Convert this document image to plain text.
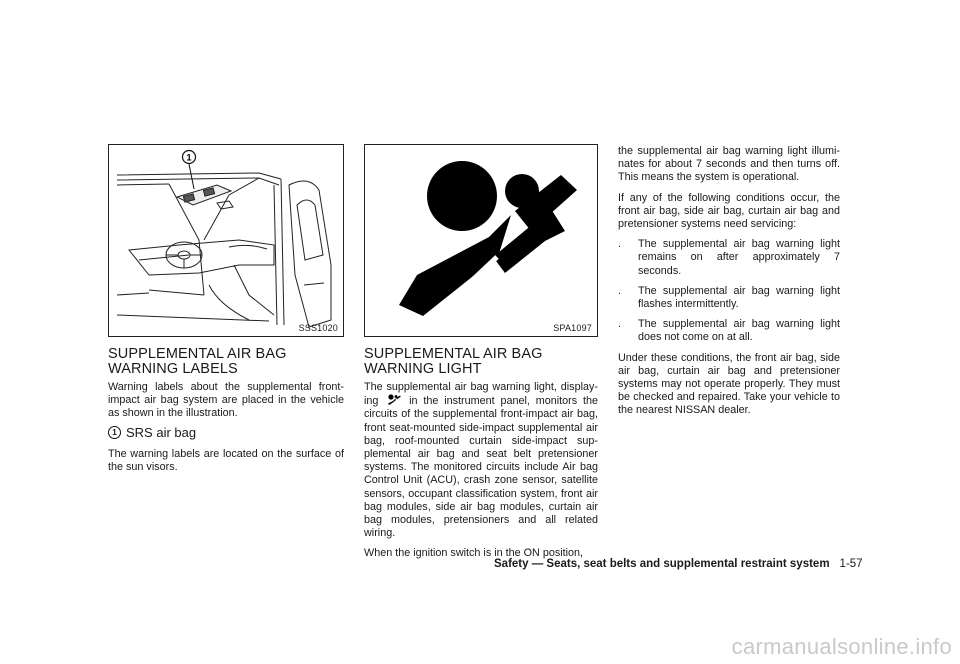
1
SSS1020	SPA1097
SUPPLEMENTAL AIR BAG WARNING LABELS

Warning labels about the supplemental front-impact air bag system are placed in the vehicle as shown in the illustration.

1 SRS air bag

The warning labels are located on the surface of the sun visors.

SUPPLEMENTAL AIR BAG WARNING LIGHT

The supplemental air bag warning light, display-ing	in the instrument panel, monitors the circuits of the supplemental front-impact air bag, front seat-mounted side-impact supplemental air bag, roof-mounted curtain side-impact sup-plemental air bag and seat belt pretensioner systems. The monitored circuits include Air bag Control Unit (ACU), crash zone sensor, satellite sensors, occupant classification system, front air bag modules, side air bag modules, curtain air bag modules, pretensioners and all related wiring.

When the ignition switch is in the ON position,

the supplemental air bag warning light illumi-nates for about 7 seconds and then turns off. This means the system is operational.

If any of the following conditions occur, the front air bag, side air bag, curtain air bag and pretensioner systems need servicing:

.	The supplemental air bag warning light remains on after approximately 7 seconds.
.	The supplemental air bag warning light flashes intermittently.
.	The supplemental air bag warning light does not come on at all.

Under these conditions, the front air bag, side air bag, curtain air bag and pretensioner systems may not operate properly. They must be checked and repaired. Take your vehicle to the nearest NISSAN dealer.

Safety — Seats, seat belts and supplemental restraint system 1-57
carmanualsonline.info
